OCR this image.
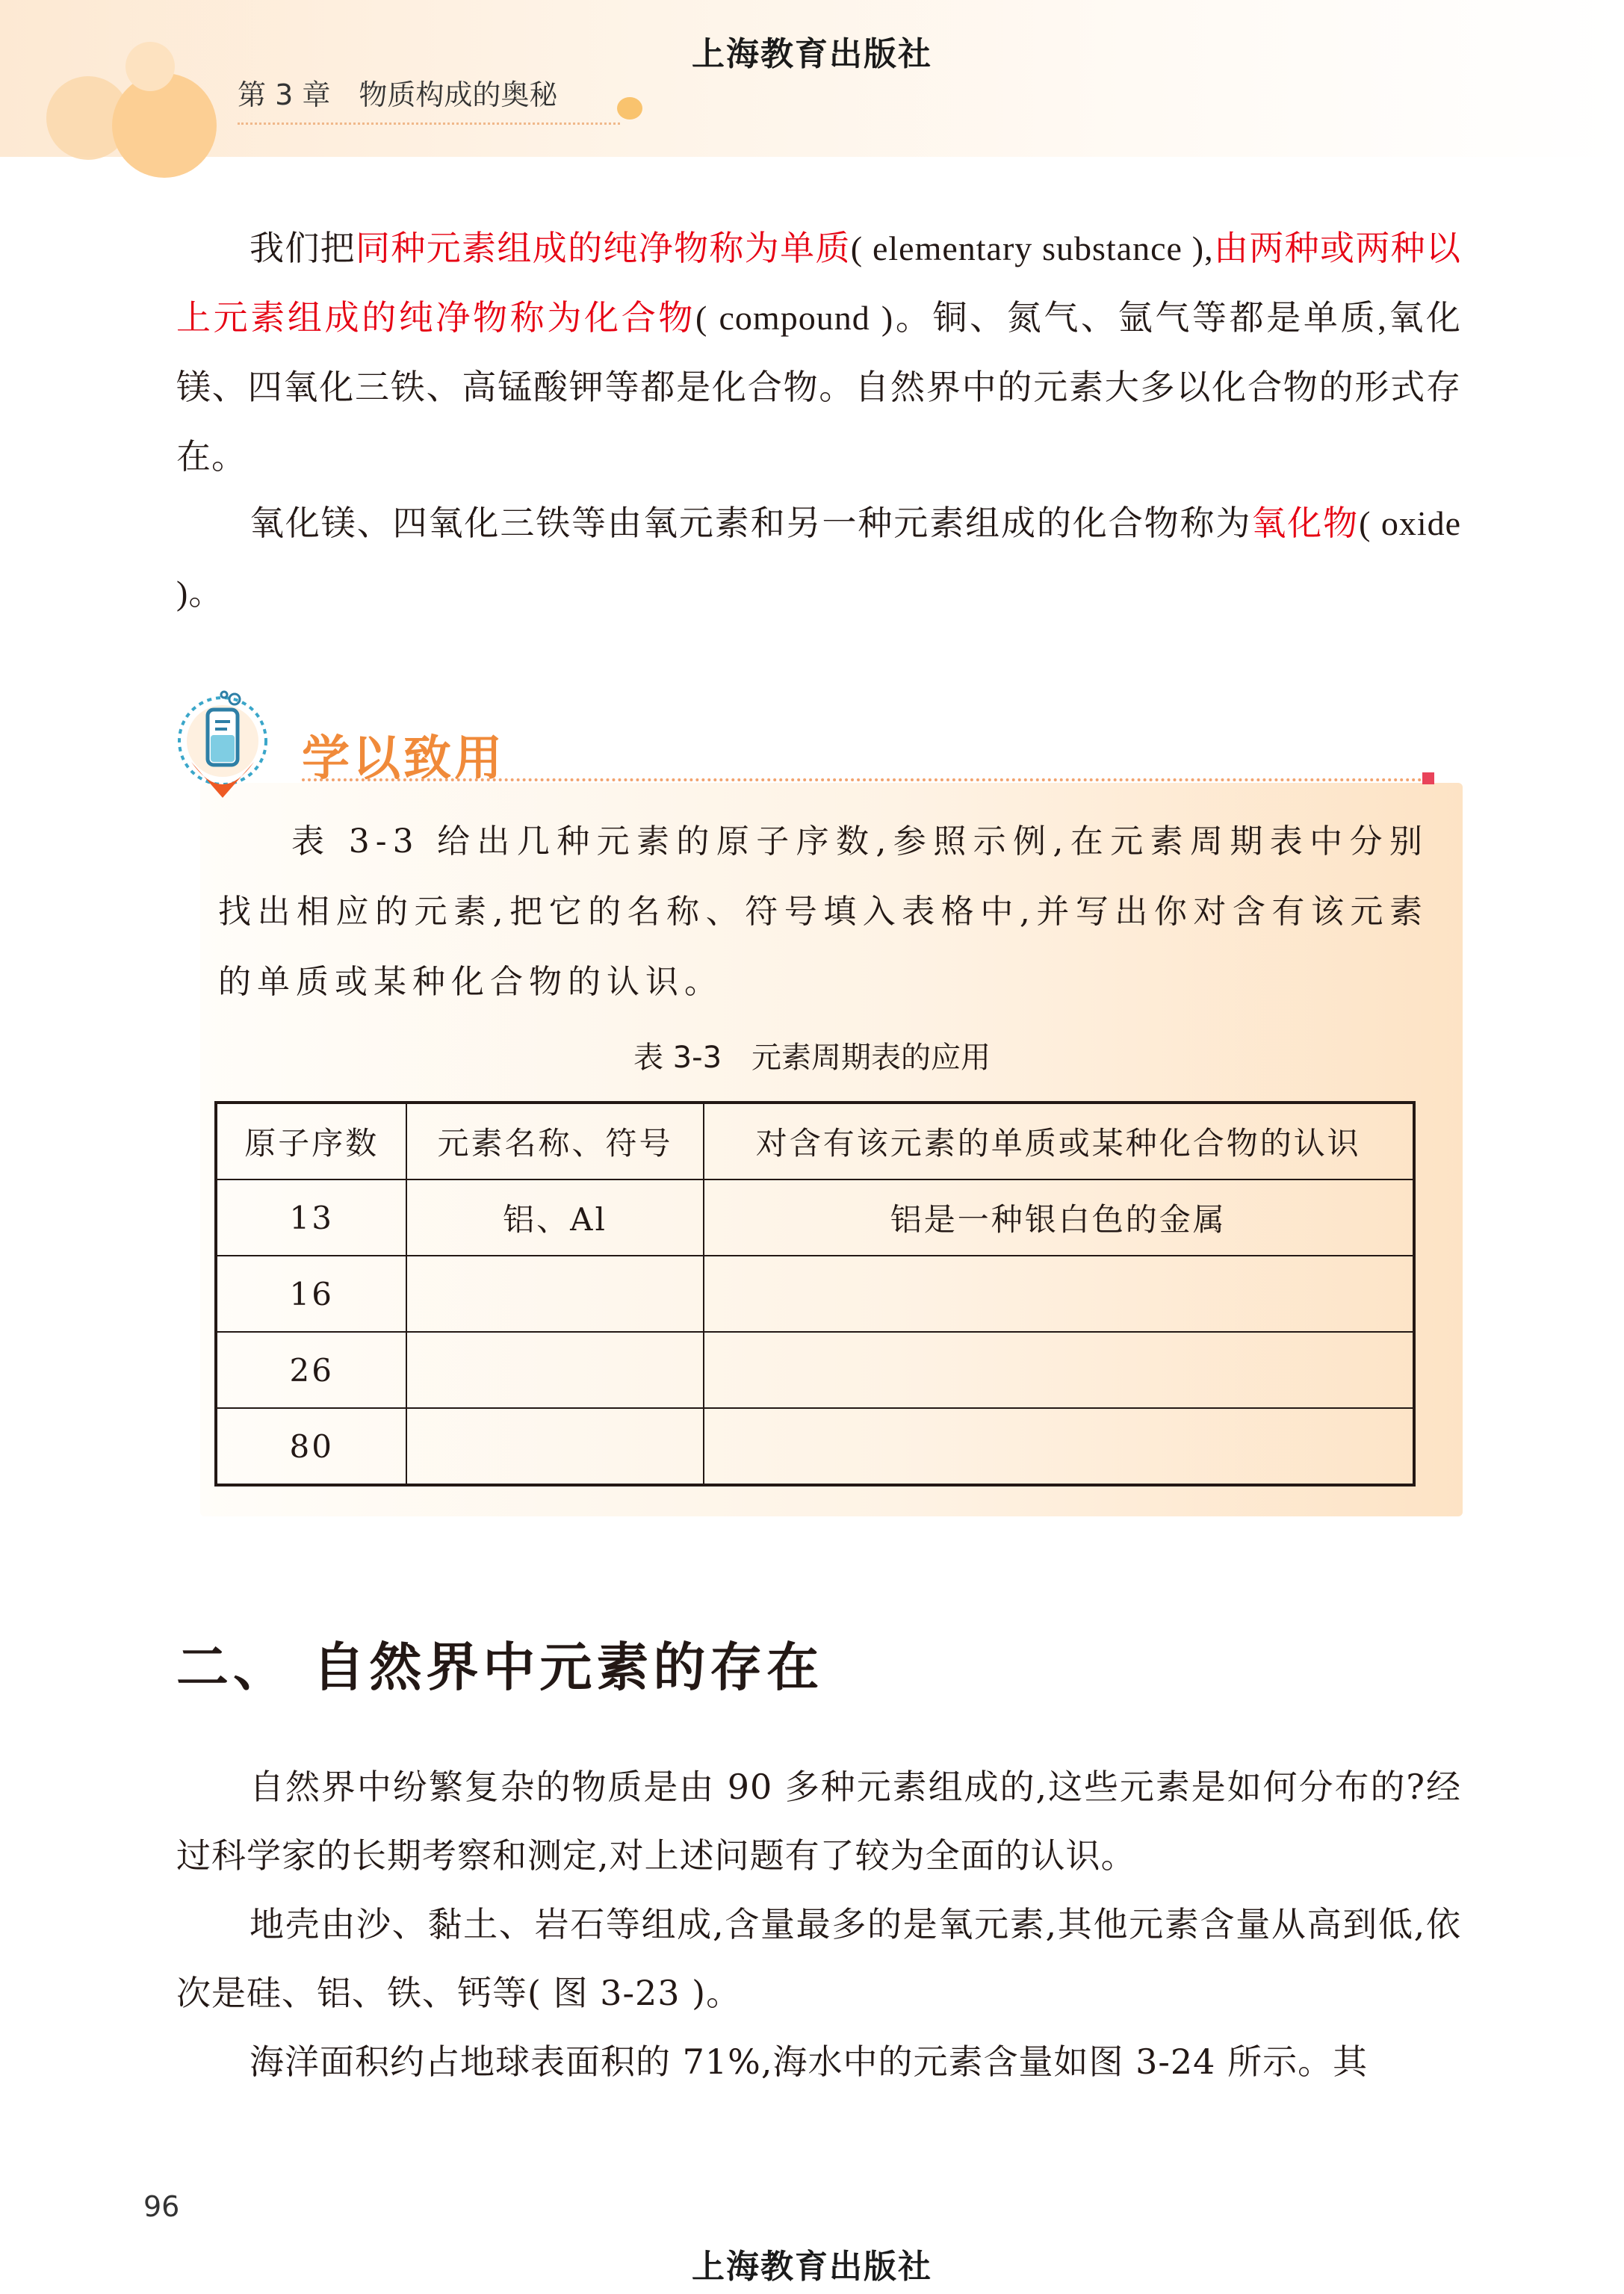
上海教育出版社
第 3 章　物质构成的奥秘

我们把同种元素组成的纯净物称为单质( elementary substance ),由两种或两种以上元素组成的纯净物称为化合物( compound )。铜、氮气、氩气等都是单质,氧化镁、四氧化三铁、高锰酸钾等都是化合物。自然界中的元素大多以化合物的形式存在。

氧化镁、四氧化三铁等由氧元素和另一种元素组成的化合物称为氧化物( oxide )。

学以致用

表 3-3 给出几种元素的原子序数,参照示例,在元素周期表中分别找出相应的元素,把它的名称、符号填入表格中,并写出你对含有该元素的单质或某种化合物的认识。

表 3-3　元素周期表的应用
原子序数	元素名称、符号	对含有该元素的单质或某种化合物的认识
13	铝、Al	铝是一种银白色的金属
16		
26		
80		
二、 自然界中元素的存在

自然界中纷繁复杂的物质是由 90 多种元素组成的,这些元素是如何分布的?经过科学家的长期考察和测定,对上述问题有了较为全面的认识。

地壳由沙、黏土、岩石等组成,含量最多的是氧元素,其他元素含量从高到低,依次是硅、铝、铁、钙等( 图 3-23 )。

海洋面积约占地球表面积的 71%,海水中的元素含量如图 3-24 所示。其

96
上海教育出版社
